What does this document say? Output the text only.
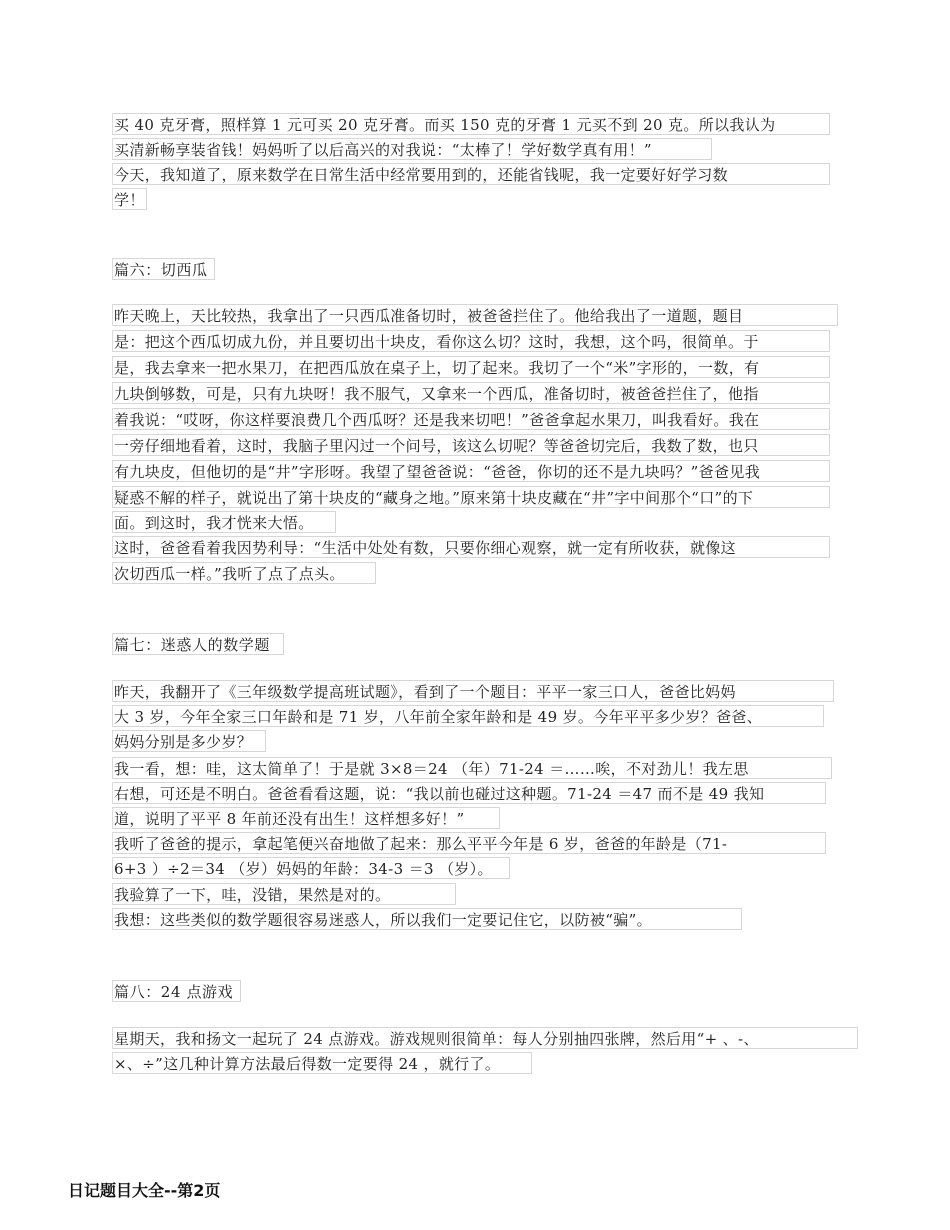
买 40 克牙膏，照样算 1 元可买 20 克牙膏。而买 150 克的牙膏 1 元买不到 20 克。所以我认为
买清新畅享装省钱！妈妈听了以后高兴的对我说：“太棒了！学好数学真有用！”
今天，我知道了，原来数学在日常生活中经常要用到的，还能省钱呢，我一定要好好学习数
学！
篇六：切西瓜
昨天晚上，天比较热，我拿出了一只西瓜准备切时，被爸爸拦住了。他给我出了一道题，题目
是：把这个西瓜切成九份，并且要切出十块皮，看你这么切？这时，我想，这个吗，很简单。于
是，我去拿来一把水果刀，在把西瓜放在桌子上，切了起来。我切了一个“米”字形的，一数，有
九块倒够数，可是，只有九块呀！我不服气，又拿来一个西瓜，准备切时，被爸爸拦住了，他指
着我说：“哎呀，你这样要浪费几个西瓜呀？还是我来切吧！”爸爸拿起水果刀，叫我看好。我在
一旁仔细地看着，这时，我脑子里闪过一个问号，该这么切呢？等爸爸切完后，我数了数，也只
有九块皮，但他切的是“井”字形呀。我望了望爸爸说：“爸爸，你切的还不是九块吗？”爸爸见我
疑惑不解的样子，就说出了第十块皮的“藏身之地。”原来第十块皮藏在“井”字中间那个“口”的下
面。到这时，我才恍来大悟。
这时，爸爸看着我因势利导：“生活中处处有数，只要你细心观察，就一定有所收获，就像这
次切西瓜一样。”我听了点了点头。
篇七：迷惑人的数学题
昨天，我翻开了《三年级数学提高班试题》，看到了一个题目：平平一家三口人，爸爸比妈妈
大 3 岁，今年全家三口年龄和是 71 岁，八年前全家年龄和是 49 岁。今年平平多少岁？爸爸、
妈妈分别是多少岁？
我一看，想：哇，这太简单了！于是就 3×8＝24 （年）71-24 ＝……唉，不对劲儿！我左思
右想，可还是不明白。爸爸看看这题，说：“我以前也碰过这种题。71-24 ＝47 而不是 49 我知
道，说明了平平 8 年前还没有出生！这样想多好！”
我听了爸爸的提示，拿起笔便兴奋地做了起来：那么平平今年是 6 岁，爸爸的年龄是（71-
6+3 ）÷2＝34 （岁）妈妈的年龄：34-3 ＝3 （岁）。
我验算了一下，哇，没错，果然是对的。
我想：这些类似的数学题很容易迷惑人，所以我们一定要记住它，以防被“骗”。
篇八：24 点游戏
星期天，我和扬文一起玩了 24 点游戏。游戏规则很简单：每人分别抽四张牌，然后用“+ 、-、
×、÷”这几种计算方法最后得数一定要得 24 ，就行了。
日记题目大全--第2页
